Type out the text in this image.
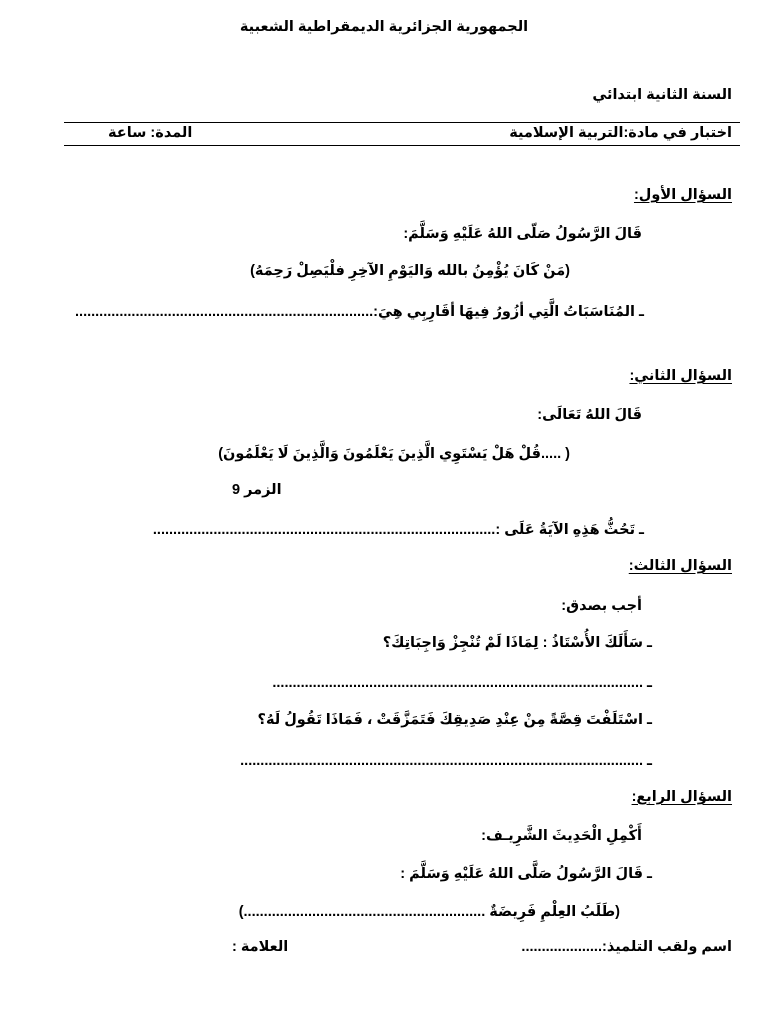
الجمهورية الجزائرية الديمقراطية الشعبية
السنة الثانية ابتدائي
اختبار في مادة:التربية الإسلامية
المدة: ساعة
السؤال الأول:
قَالَ الرَّسُولُ صَلّى اللهُ عَلَيْهِ وَسَلَّمَ:
(مَنْ كَانَ يُؤْمِنُ بالله وَاليَوْمِ الآخِرِ فلْيَصِلْ رَحِمَهُ)
ـ المُنَاسَبَاتُ الَّتِي أزُورُ فِيهَا أقَارِبِي هِيَ:..........................................................................
السؤال الثاني:
قَالَ اللهُ تَعَالَى:
( .....قُلْ هَلْ يَسْتَوِي الَّذِينَ يَعْلَمُونَ وَالَّذِينَ لَا يَعْلَمُونَ)
الزمر 9
ـ تَحُثُّ هَذِهِ الآيَةُ عَلَى :.....................................................................................
السؤال الثالث:
أجب بصدق:
ـ سَأَلَكَ الأُسْتَاذُ : لِمَاذَا لَمْ تُنْجِزْ وَاجِبَاتِكَ؟
ـ ............................................................................................
ـ اسْتَلَفْتَ قِصَّةً مِنْ عِنْدِ صَدِيقِكَ فَتَمَزَّقَتْ ، فَمَاذَا تَقُولُ لَهُ؟
ـ ....................................................................................................
السؤال الرابع:
أَكْمِلِ الْحَدِيثَ الشَّرِيـف:
ـ قَالَ الرَّسُولُ صَلَّى اللهُ عَلَيْهِ وَسَلَّمَ :
(طَلَبُ العِلْمِ فَرِيضَةٌ ............................................................)
اسم ولقب التلميذ:....................
العلامة :
